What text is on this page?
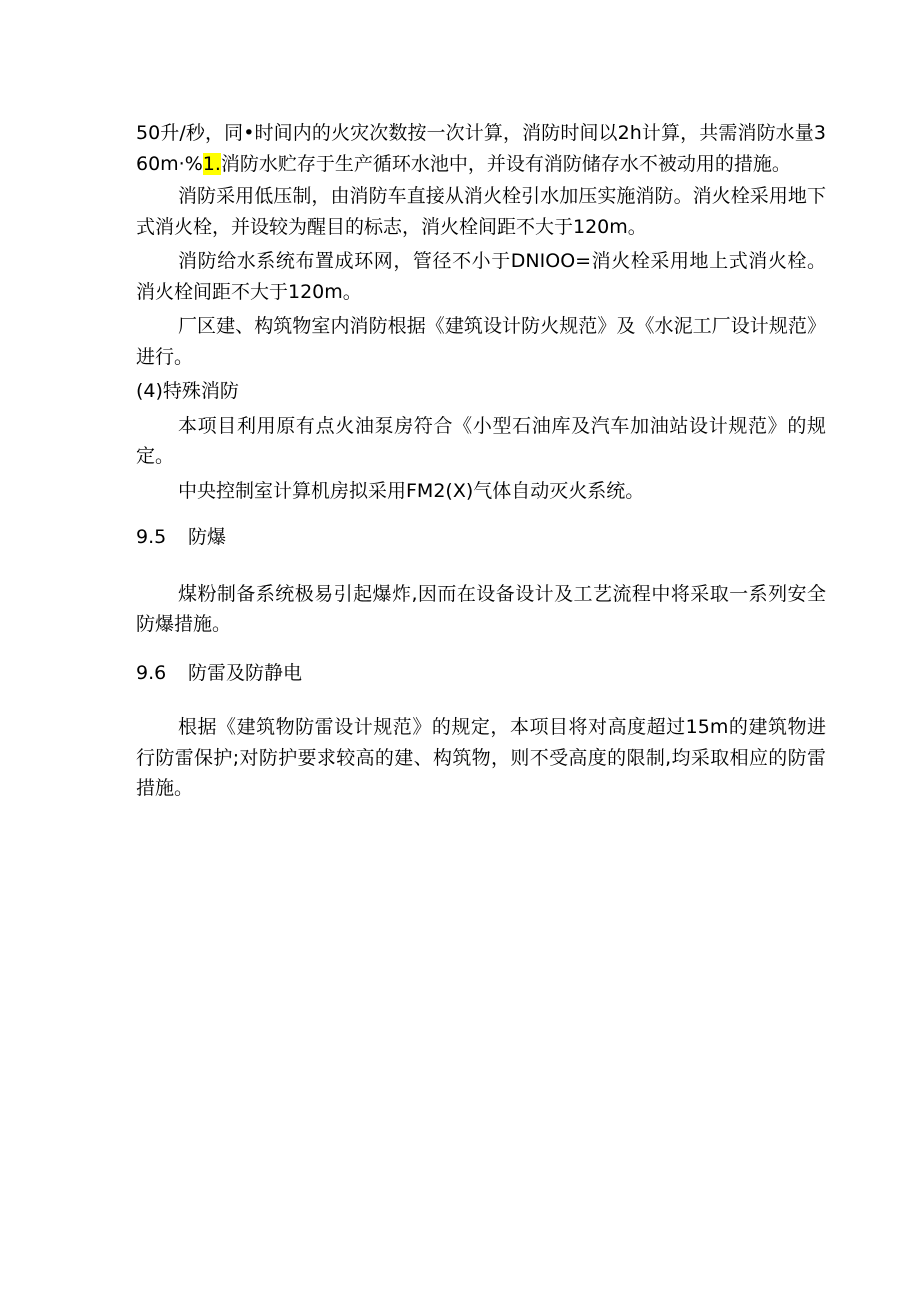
50升/秒，同•时间内的火灾次数按一次计算，消防时间以2h计算，共需消防水量360m·%1.消防水贮存于生产循环水池中，并设有消防储存水不被动用的措施。

消防采用低压制，由消防车直接从消火栓引水加压实施消防。消火栓采用地下式消火栓，并设较为醒目的标志，消火栓间距不大于120m。

消防给水系统布置成环网，管径不小于DNIOO=消火栓采用地上式消火栓。消火栓间距不大于120m。

厂区建、构筑物室内消防根据《建筑设计防火规范》及《水泥工厂设计规范》进行。

(4)特殊消防

本项目利用原有点火油泵房符合《小型石油库及汽车加油站设计规范》的规定。

中央控制室计算机房拟采用FM2(X)气体自动灭火系统。

9.5 防爆

煤粉制备系统极易引起爆炸,因而在设备设计及工艺流程中将采取一系列安全防爆措施。

9.6 防雷及防静电

根据《建筑物防雷设计规范》的规定，本项目将对高度超过15m的建筑物进行防雷保护;对防护要求较高的建、构筑物，则不受高度的限制,均采取相应的防雷措施。
